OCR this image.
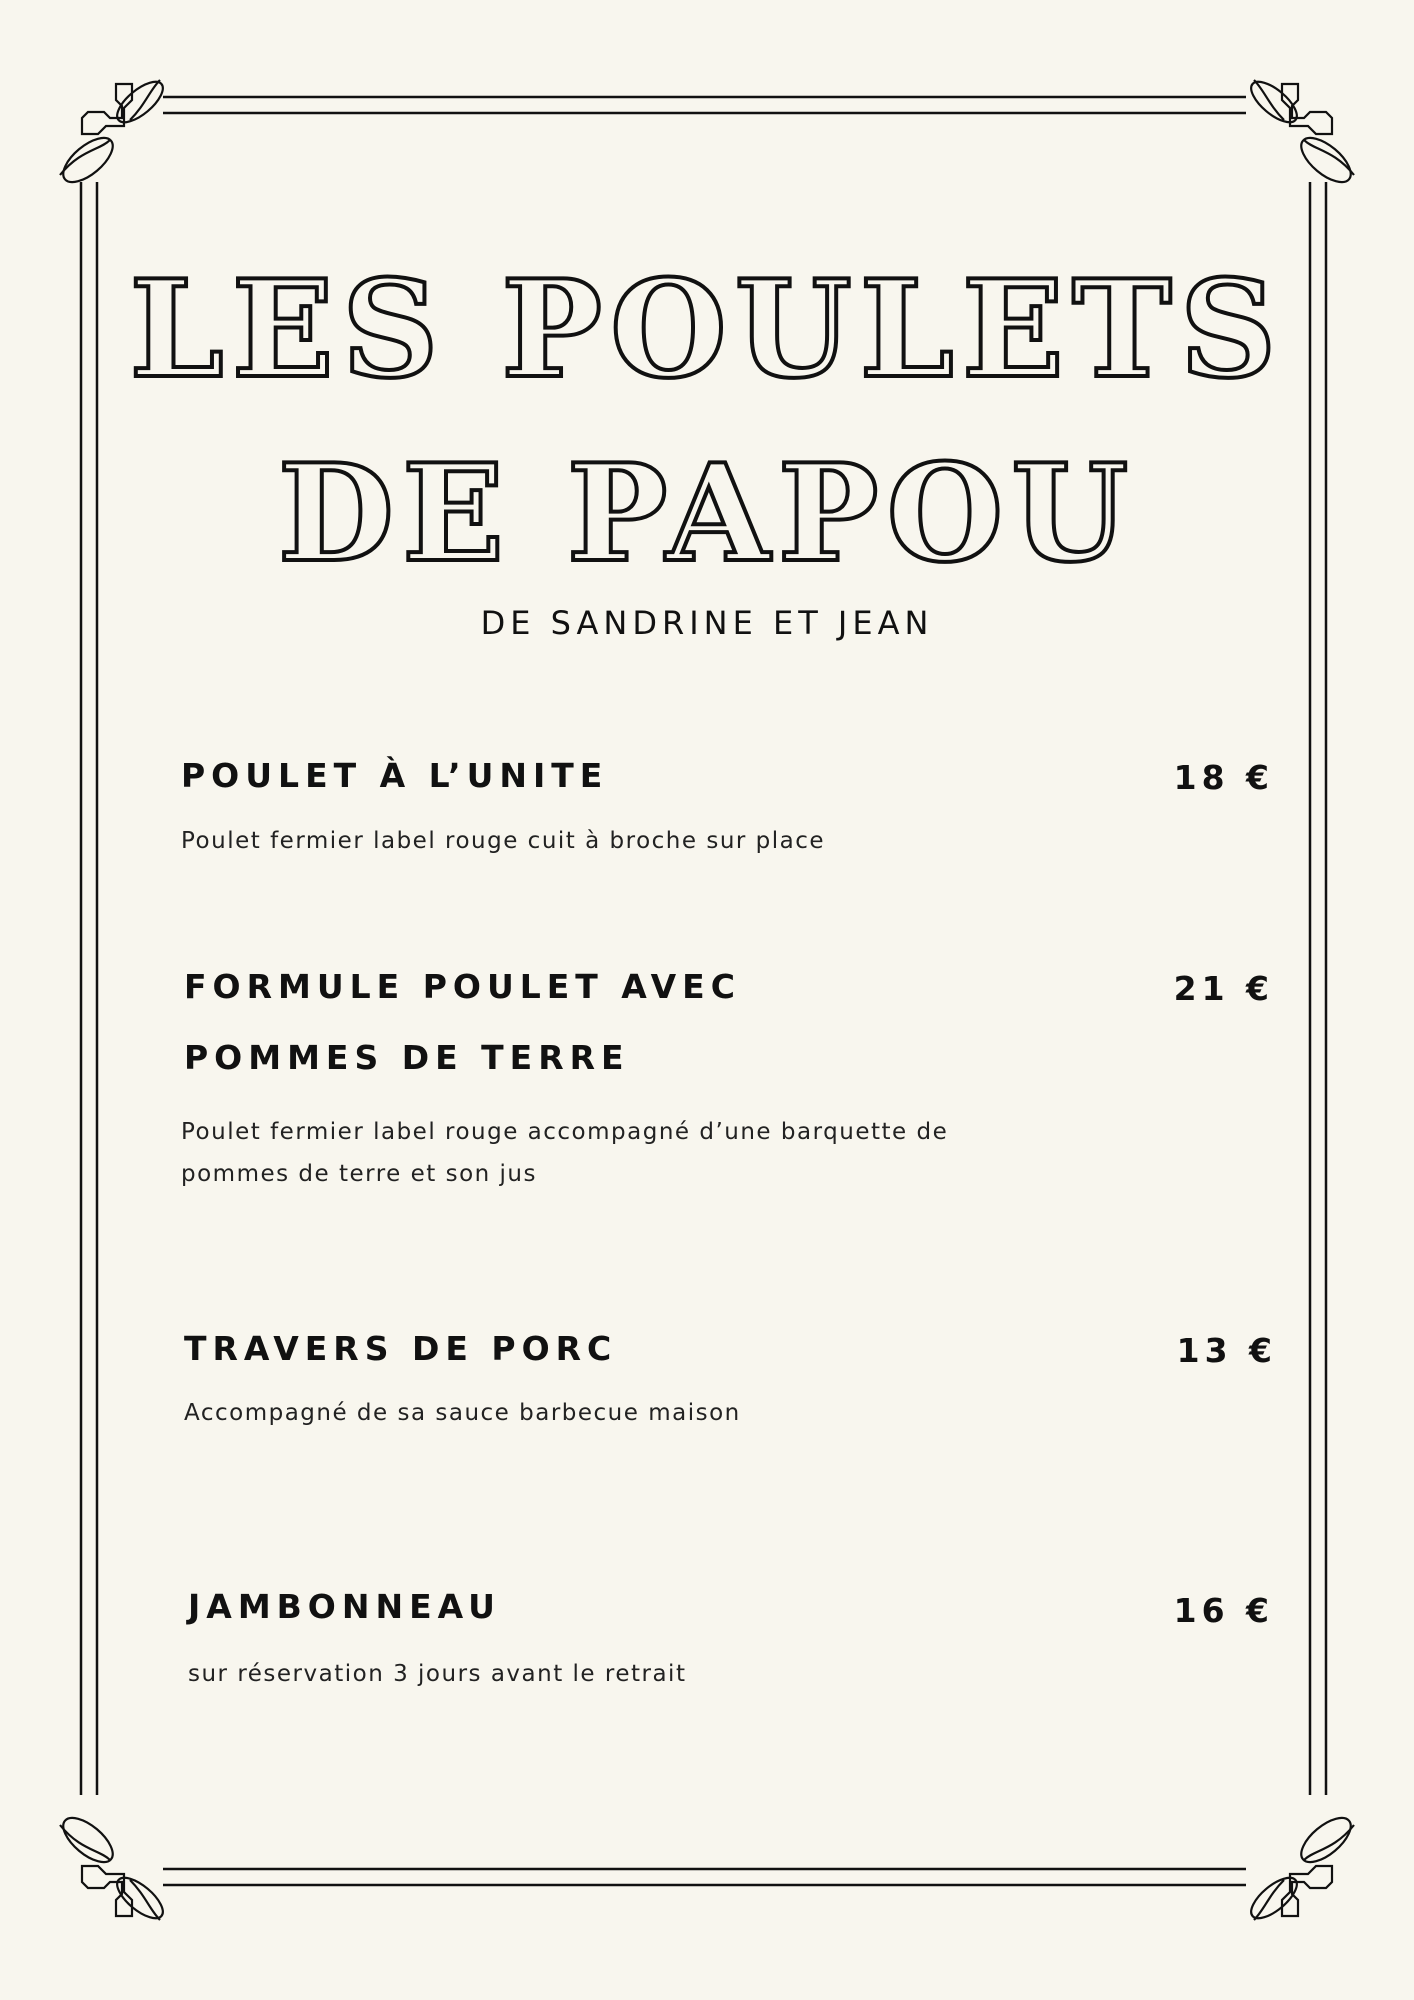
LES POULETS
DE PAPOU
DE SANDRINE ET JEAN
POULET À L’UNITE	18 €
Poulet fermier label rouge cuit à broche sur place
FORMULE POULET AVEC
POMMES DE TERRE
21 €
Poulet fermier label rouge accompagné d’une barquette de
pommes de terre et son jus
TRAVERS DE PORC	13 €
Accompagné de sa sauce barbecue maison
JAMBONNEAU	16 €
sur réservation 3 jours avant le retrait
